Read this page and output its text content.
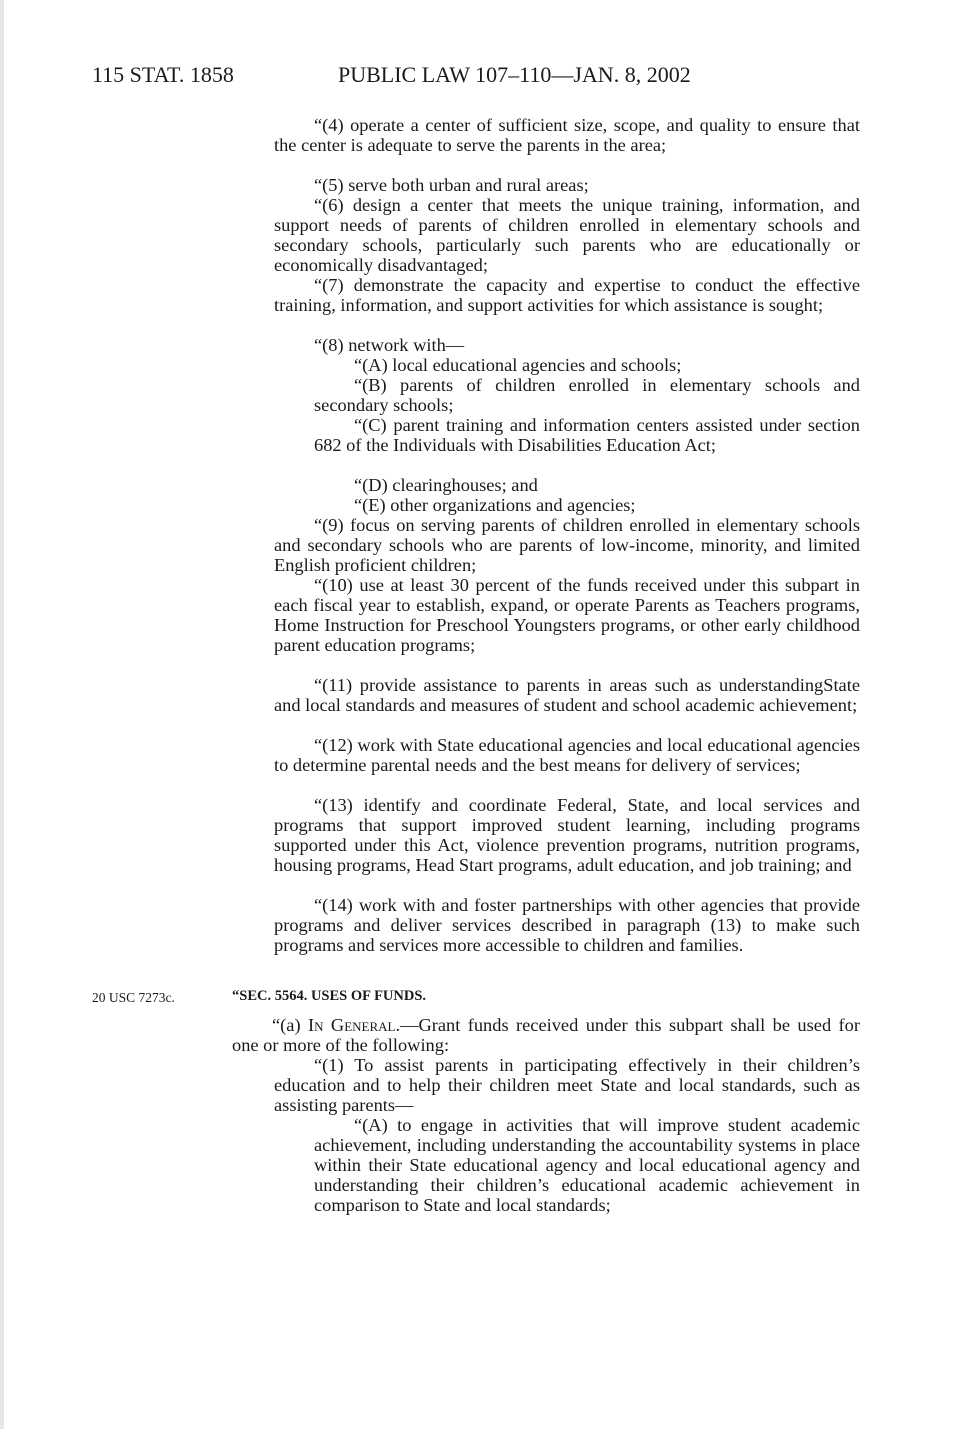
115 STAT. 1858	PUBLIC LAW 107–110—JAN. 8, 2002
“(4) operate a center of sufficient size, scope, and quality to ensure that the center is adequate to serve the parents in the area;
“(5) serve both urban and rural areas;
“(6) design a center that meets the unique training, information, and support needs of parents of children enrolled in elementary schools and secondary schools, particularly such parents who are educationally or economically disadvantaged;
“(7) demonstrate the capacity and expertise to conduct the effective training, information, and support activities for which assistance is sought;
“(8) network with—
“(A) local educational agencies and schools;
“(B) parents of children enrolled in elementary schools and secondary schools;
“(C) parent training and information centers assisted under section 682 of the Individuals with Disabilities Education Act;
“(D) clearinghouses; and
“(E) other organizations and agencies;
“(9) focus on serving parents of children enrolled in elementary schools and secondary schools who are parents of low-income, minority, and limited English proficient children;
“(10) use at least 30 percent of the funds received under this subpart in each fiscal year to establish, expand, or operate Parents as Teachers programs, Home Instruction for Preschool Youngsters programs, or other early childhood parent education programs;
“(11) provide assistance to parents in areas such as understandingState and local standards and measures of student and school academic achievement;
“(12) work with State educational agencies and local educational agencies to determine parental needs and the best means for delivery of services;
“(13) identify and coordinate Federal, State, and local services and programs that support improved student learning, including programs supported under this Act, violence prevention programs, nutrition programs, housing programs, Head Start programs, adult education, and job training; and
“(14) work with and foster partnerships with other agencies that provide programs and deliver services described in paragraph (13) to make such programs and services more accessible to children and families.
20 USC 7273c.	“SEC. 5564. USES OF FUNDS.
“(a) In General.—Grant funds received under this subpart shall be used for one or more of the following:
“(1) To assist parents in participating effectively in their children’s education and to help their children meet State and local standards, such as assisting parents—
“(A) to engage in activities that will improve student academic achievement, including understanding the accountability systems in place within their State educational agency and local educational agency and understanding their children’s educational academic achievement in comparison to State and local standards;
